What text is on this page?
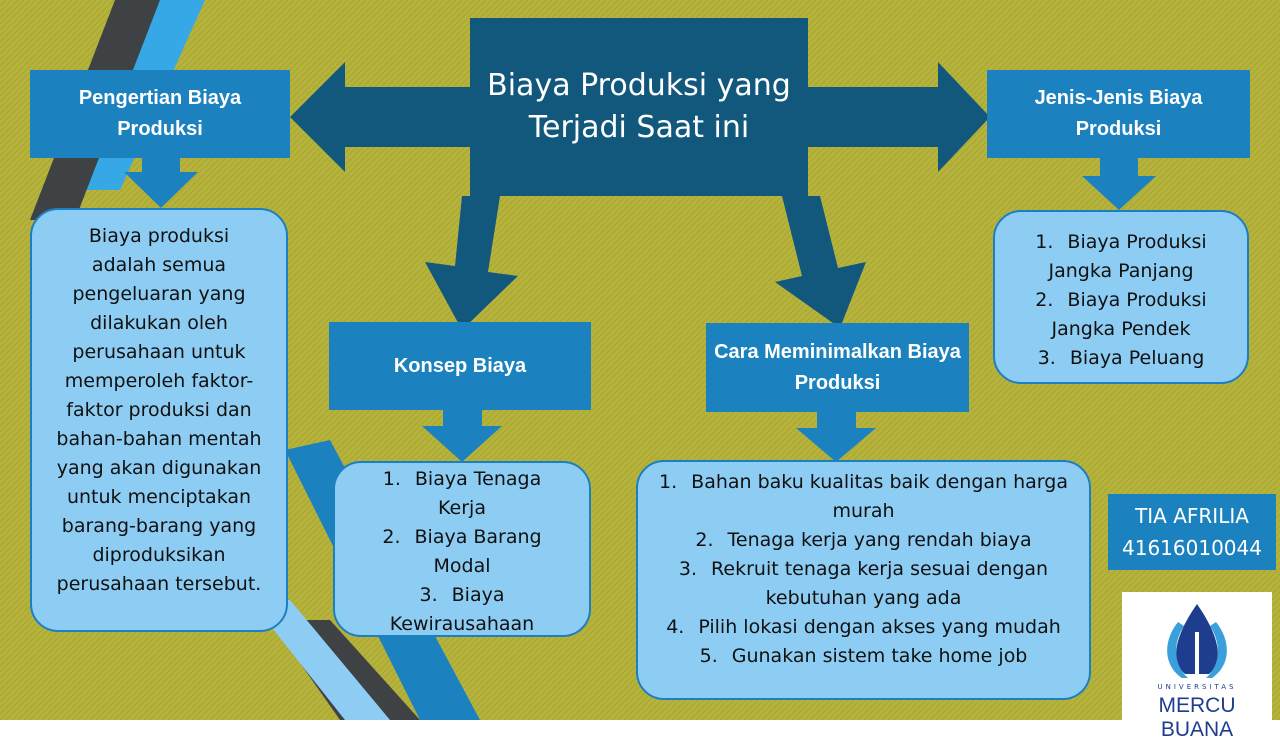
Biaya Produksi yang Terjadi Saat ini
Pengertian Biaya Produksi
Jenis-Jenis Biaya Produksi
Konsep Biaya
Cara Meminimalkan Biaya Produksi

Biaya produksi adalah semua pengeluaran yang dilakukan oleh perusahaan untuk memperoleh faktor-faktor produksi dan bahan-bahan mentah yang akan digunakan untuk menciptakan barang-barang yang diproduksikan perusahaan tersebut.

1. Biaya Produksi Jangka Panjang
2. Biaya Produksi Jangka Pendek
3. Biaya Peluang
1. Biaya Tenaga Kerja
2. Biaya Barang Modal
3. Biaya Kewirausahaan
1. Bahan baku kualitas baik dengan harga murah
2. Tenaga kerja yang rendah biaya
3. Rekruit tenaga kerja sesuai dengan kebutuhan yang ada
4. Pilih lokasi dengan akses yang mudah
5. Gunakan sistem take home job
TIA AFRILIA
41616010044
UNIVERSITAS
MERCU BUANA
